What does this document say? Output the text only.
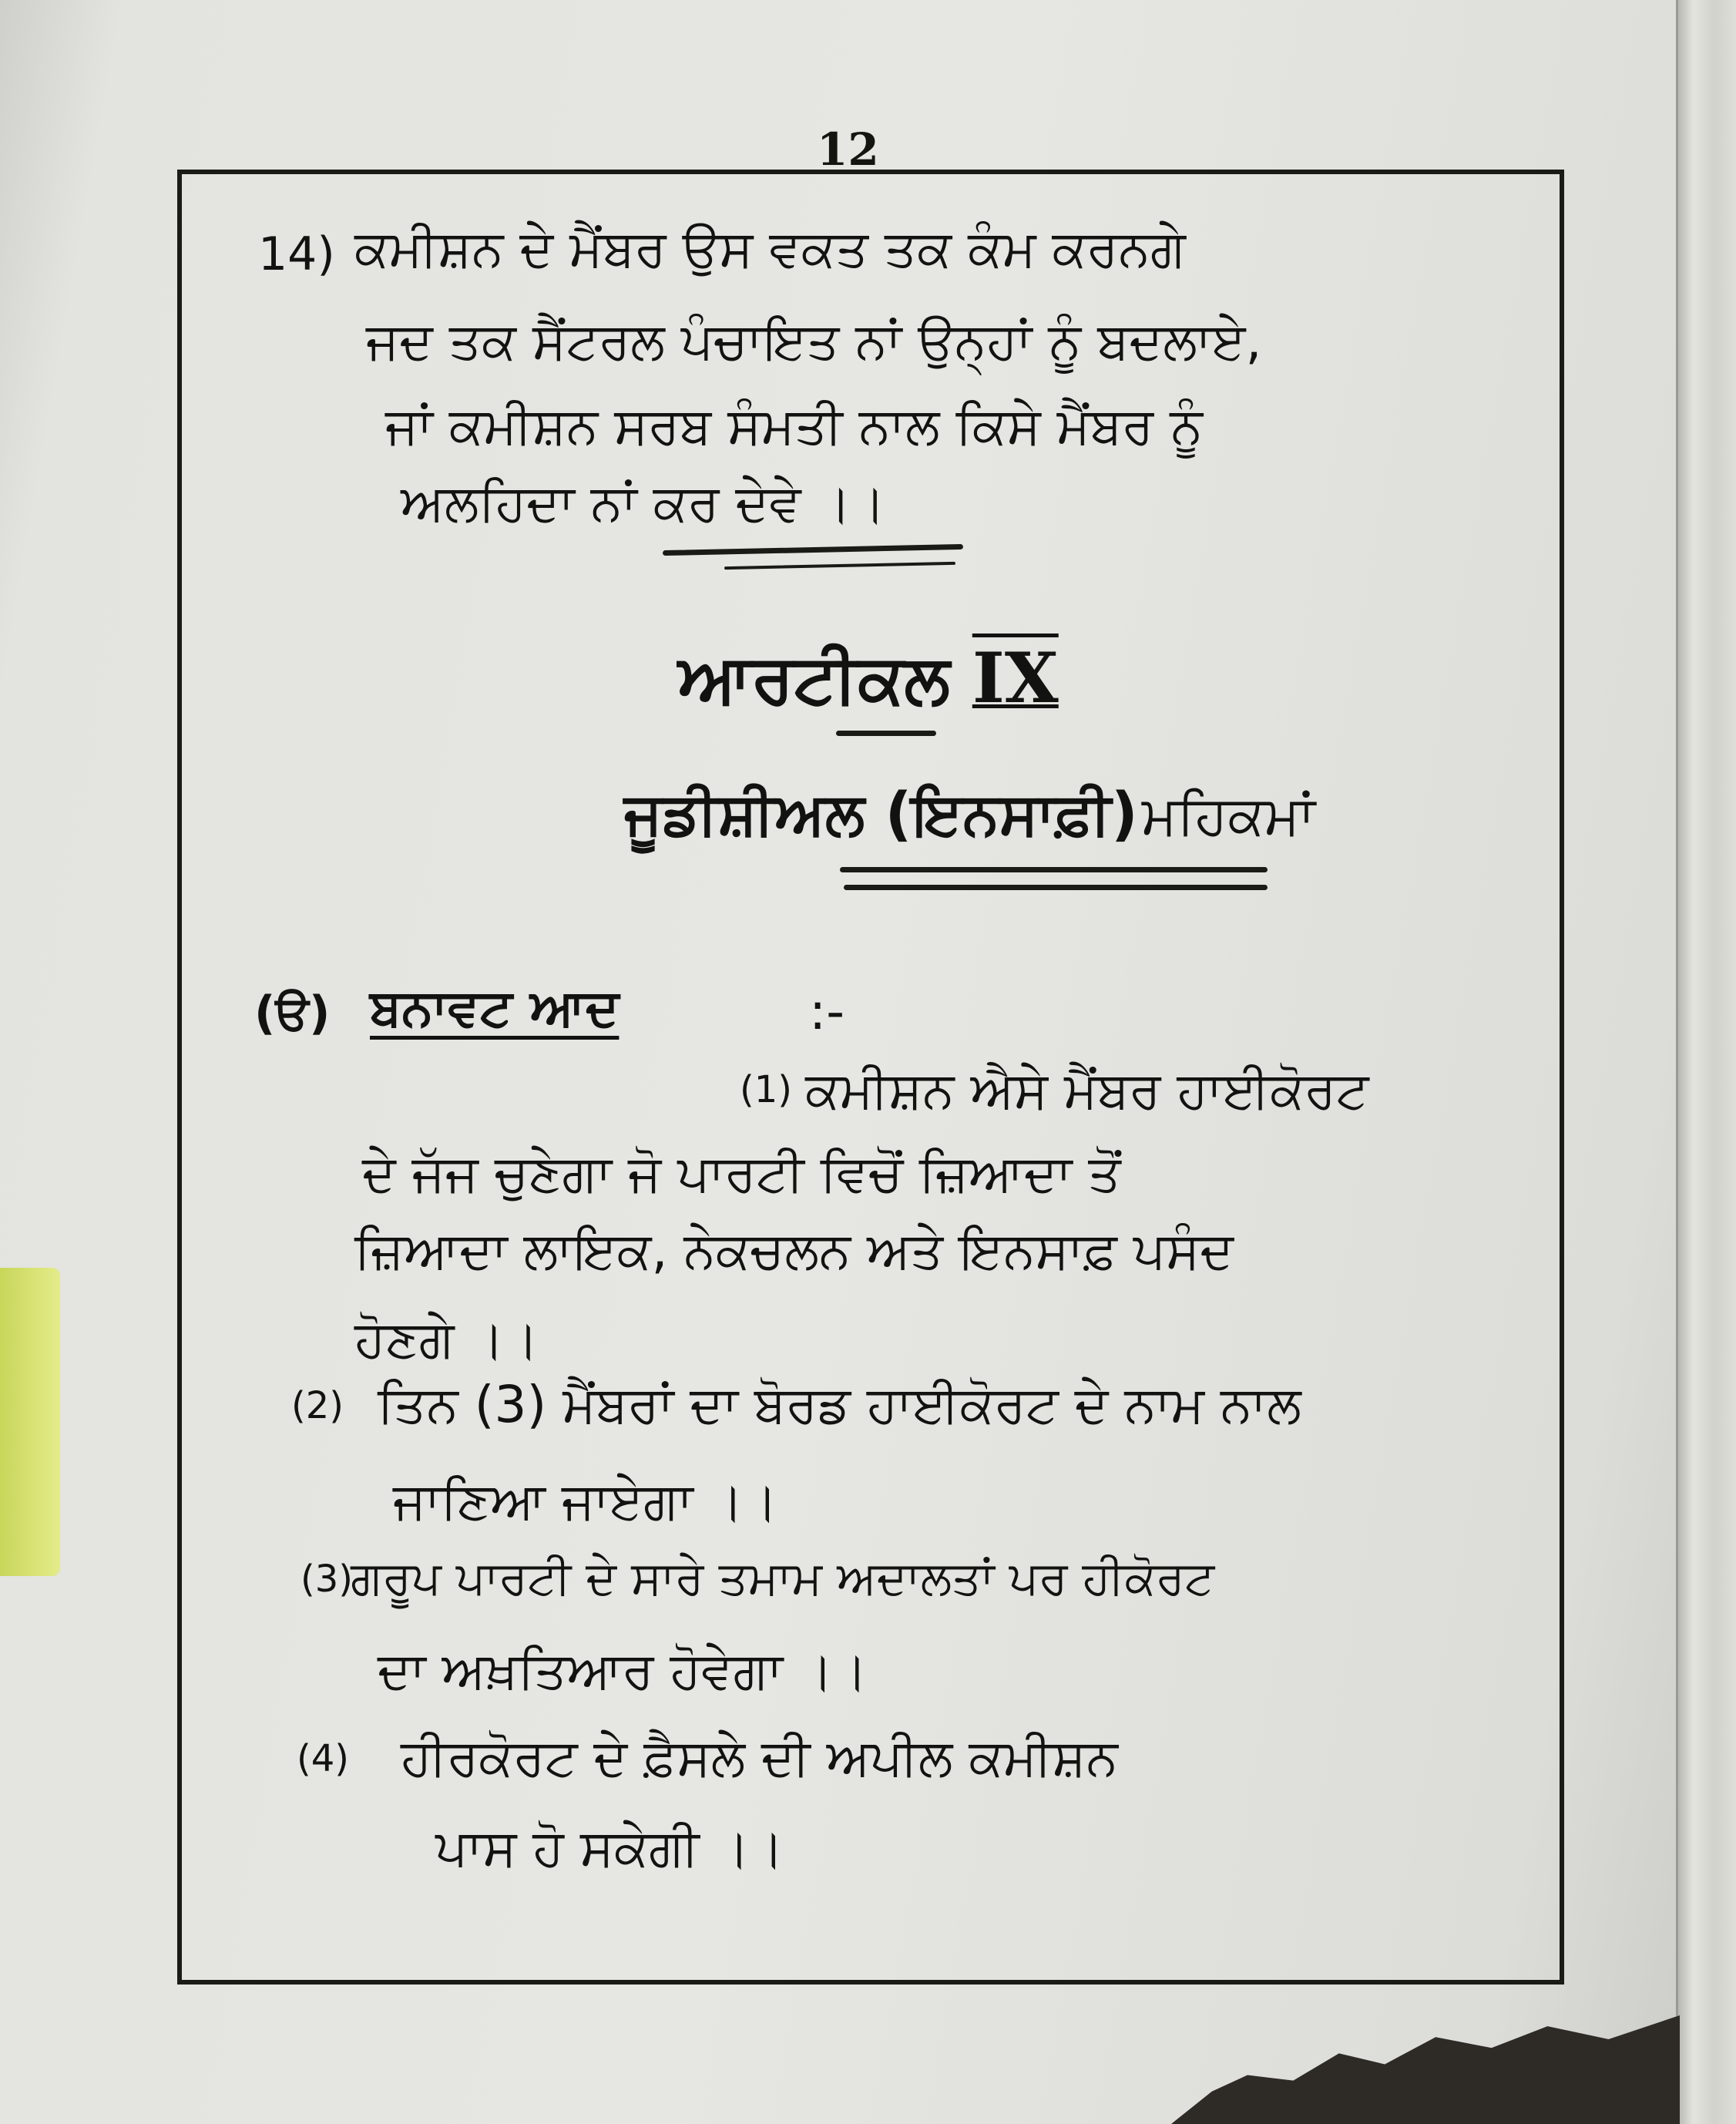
12

14) ਕਮੀਸ਼ਨ ਦੇ ਮੈਂਬਰ ਉਸ ਵਕਤ ਤਕ ਕੰਮ ਕਰਨਗੇ

ਜਦ ਤਕ ਸੈਂਟਰਲ ਪੰਚਾਇਤ ਨਾਂ ਉਨ੍ਹਾਂ ਨੂੰ ਬਦਲਾਏ,

ਜਾਂ ਕਮੀਸ਼ਨ ਸਰਬ ਸੰਮਤੀ ਨਾਲ ਕਿਸੇ ਮੈਂਬਰ ਨੂੰ

ਅਲਹਿਦਾ ਨਾਂ ਕਰ ਦੇਵੇ ।।

ਆਰਟੀਕਲ IX
ਜੂਡੀਸ਼ੀਅਲ (ਇਨਸਾਫ਼ੀ) ਮਹਿਕਮਾਂ

(ੳ) ਬਨਾਵਟ ਆਦ	:-

(1) ਕਮੀਸ਼ਨ ਐਸੇ ਮੈਂਬਰ ਹਾਈਕੋਰਟ

ਦੇ ਜੱਜ ਚੁਣੇਗਾ ਜੋ ਪਾਰਟੀ ਵਿਚੋਂ ਜ਼ਿਆਦਾ ਤੋਂ

ਜ਼ਿਆਦਾ ਲਾਇਕ, ਨੇਕਚਲਨ ਅਤੇ ਇਨਸਾਫ਼ ਪਸੰਦ

ਹੋਣਗੇ ।।

(2) ਤਿਨ (3) ਮੈਂਬਰਾਂ ਦਾ ਬੋਰਡ ਹਾਈਕੋਰਟ ਦੇ ਨਾਮ ਨਾਲ

ਜਾਣਿਆ ਜਾਏਗਾ ।।

(3)

ਗਰੂਪ ਪਾਰਟੀ ਦੇ ਸਾਰੇ ਤਮਾਮ ਅਦਾਲਤਾਂ ਪਰ ਹੀਕੋਰਟ

ਦਾ ਅਖ਼ਤਿਆਰ ਹੋਵੇਗਾ ।।

(4) ਹੀਰਕੋਰਟ ਦੇ ਫ਼ੈਸਲੇ ਦੀ ਅਪੀਲ ਕਮੀਸ਼ਨ

ਪਾਸ ਹੋ ਸਕੇਗੀ ।।
